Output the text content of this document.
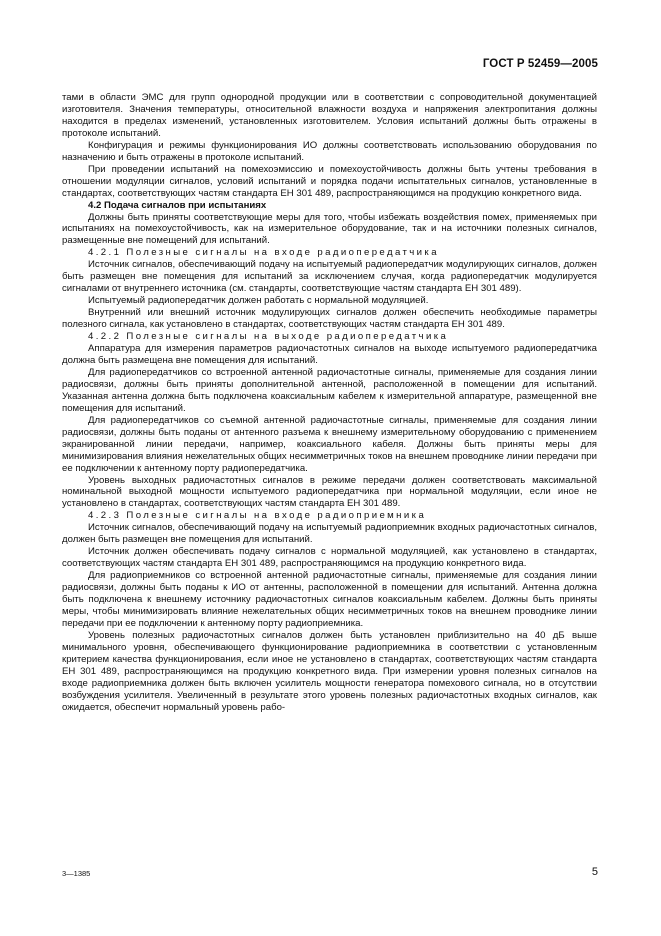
ГОСТ Р 52459—2005

тами в области ЭМС для групп однородной продукции или в соответствии с сопроводительной документацией изготовителя. Значения температуры, относительной влажности воздуха и напряжения электропитания должны находится в пределах изменений, установленных изготовителем. Условия испытаний должны быть отражены в протоколе испытаний.

Конфигурация и режимы функционирования ИО должны соответствовать использованию оборудования по назначению и быть отражены в протоколе испытаний.

При проведении испытаний на помехоэмиссию и помехоустойчивость должны быть учтены требования в отношении модуляции сигналов, условий испытаний и порядка подачи испытательных сигналов, установленные в стандартах, соответствующих частям стандарта ЕН 301 489, распространяющимся на продукцию конкретного вида.

4.2 Подача сигналов при испытаниях

Должны быть приняты соответствующие меры для того, чтобы избежать воздействия помех, применяемых при испытаниях на помехоустойчивость, как на измерительное оборудование, так и на источники полезных сигналов, размещенные вне помещений для испытаний.

4.2.1 Полезные сигналы на входе радиопередатчика

Источник сигналов, обеспечивающий подачу на испытуемый радиопередатчик модулирующих сигналов, должен быть размещен вне помещения для испытаний за исключением случая, когда радиопередатчик модулируется сигналами от внутреннего источника (см. стандарты, соответствующие частям стандарта ЕН 301 489).

Испытуемый радиопередатчик должен работать с нормальной модуляцией.

Внутренний или внешний источник модулирующих сигналов должен обеспечить необходимые параметры полезного сигнала, как установлено в стандартах, соответствующих частям стандарта ЕН 301 489.

4.2.2 Полезные сигналы на выходе радиопередатчика

Аппаратура для измерения параметров радиочастотных сигналов на выходе испытуемого радиопередатчика должна быть размещена вне помещения для испытаний.

Для радиопередатчиков со встроенной антенной радиочастотные сигналы, применяемые для создания линии радиосвязи, должны быть приняты дополнительной антенной, расположенной в помещении для испытаний. Указанная антенна должна быть подключена коаксиальным кабелем к измерительной аппаратуре, размещенной вне помещения для испытаний.

Для радиопередатчиков со съемной антенной радиочастотные сигналы, применяемые для создания линии радиосвязи, должны быть поданы от антенного разъема к внешнему измерительному оборудованию с применением экранированной линии передачи, например, коаксиального кабеля. Должны быть приняты меры для минимизирования влияния нежелательных общих несимметричных токов на внешнем проводнике линии передачи при ее подключении к антенному порту радиопередатчика.

Уровень выходных радиочастотных сигналов в режиме передачи должен соответствовать максимальной номинальной выходной мощности испытуемого радиопередатчика при нормальной модуляции, если иное не установлено в стандартах, соответствующих частям стандарта ЕН 301 489.

4.2.3 Полезные сигналы на входе радиоприемника

Источник сигналов, обеспечивающий подачу на испытуемый радиоприемник входных радиочастотных сигналов, должен быть размещен вне помещения для испытаний.

Источник должен обеспечивать подачу сигналов с нормальной модуляцией, как установлено в стандартах, соответствующих частям стандарта ЕН 301 489, распространяющимся на продукцию конкретного вида.

Для радиоприемников со встроенной антенной радиочастотные сигналы, применяемые для создания линии радиосвязи, должны быть поданы к ИО от антенны, расположенной в помещении для испытаний. Антенна должна быть подключена к внешнему источнику радиочастотных сигналов коаксиальным кабелем. Должны быть приняты меры, чтобы минимизировать влияние нежелательных общих несимметричных токов на внешнем проводнике линии передачи при ее подключении к антенному порту радиоприемника.

Уровень полезных радиочастотных сигналов должен быть установлен приблизительно на 40 дБ выше минимального уровня, обеспечивающего функционирование радиоприемника в соответствии с установленным критерием качества функционирования, если иное не установлено в стандартах, соответствующих частям стандарта ЕН 301 489, распространяющимся на продукцию конкретного вида. При измерении уровня полезных сигналов на входе радиоприемника должен быть включен усилитель мощности генератора помехового сигнала, но в отсутствии возбуждения усилителя. Увеличенный в результате этого уровень полезных радиочастотных входных сигналов, как ожидается, обеспечит нормальный уровень рабо-

3—1385	5
